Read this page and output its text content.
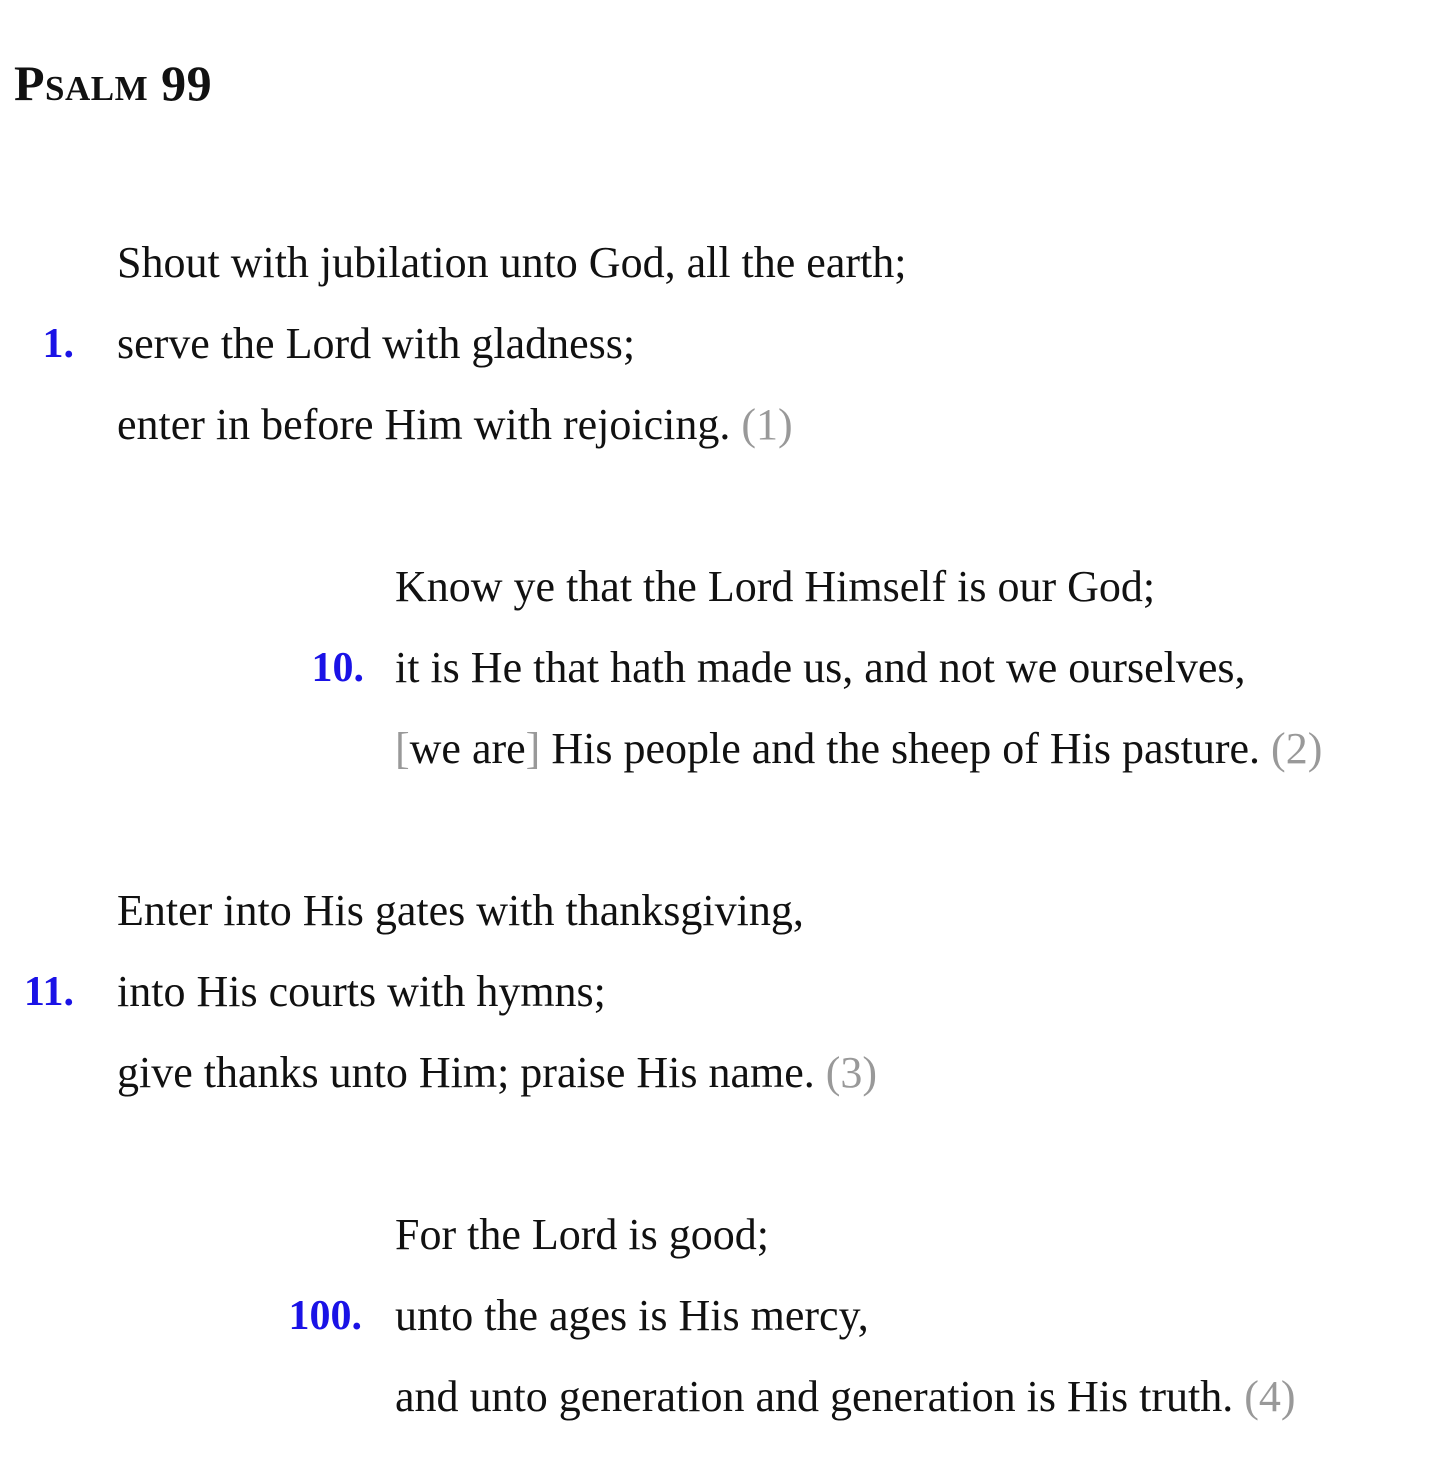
Psalm 99
Shout with jubilation unto God, all the earth;
1. serve the Lord with gladness;
enter in before Him with rejoicing. (1)
Know ye that the Lord Himself is our God;
10. it is He that hath made us, and not we ourselves,
[we are] His people and the sheep of His pasture. (2)
Enter into His gates with thanksgiving,
11. into His courts with hymns;
give thanks unto Him; praise His name. (3)
For the Lord is good;
100. unto the ages is His mercy,
and unto generation and generation is His truth. (4)
